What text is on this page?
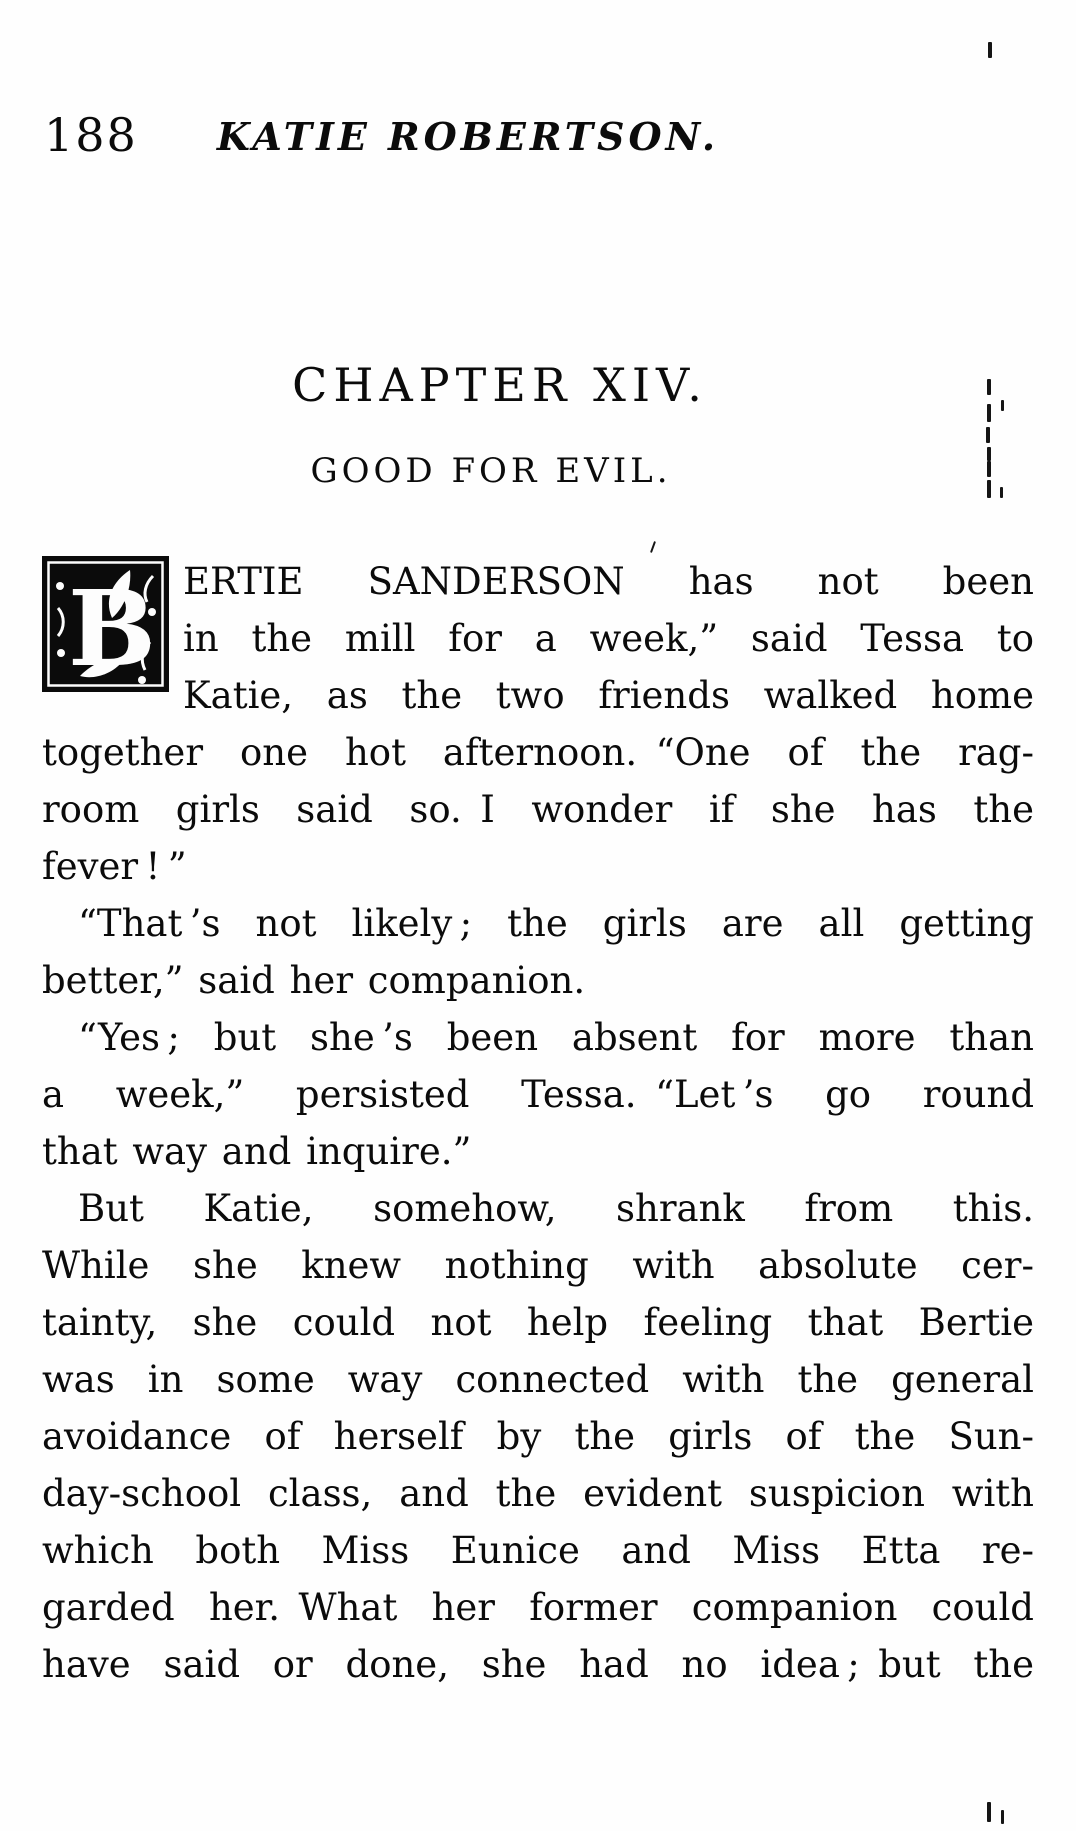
188 KATIE ROBERTSON.
CHAPTER XIV.
GOOD FOR EVIL.
B ERTIE SANDERSON has not been
in the mill for a week,” said Tessa to
Katie, as the two friends walked home
together one hot afternoon. “One of the rag-
room girls said so. I wonder if she has the
fever ! ”
“That ’s not likely ; the girls are all getting
better,” said her companion.
“Yes ; but she ’s been absent for more than
a week,” persisted Tessa. “Let ’s go round
that way and inquire.”
But Katie, somehow, shrank from this.
While she knew nothing with absolute cer-
tainty, she could not help feeling that Bertie
was in some way connected with the general
avoidance of herself by the girls of the Sun-
day-school class, and the evident suspicion with
which both Miss Eunice and Miss Etta re-
garded her. What her former companion could
have said or done, she had no idea ; but the
